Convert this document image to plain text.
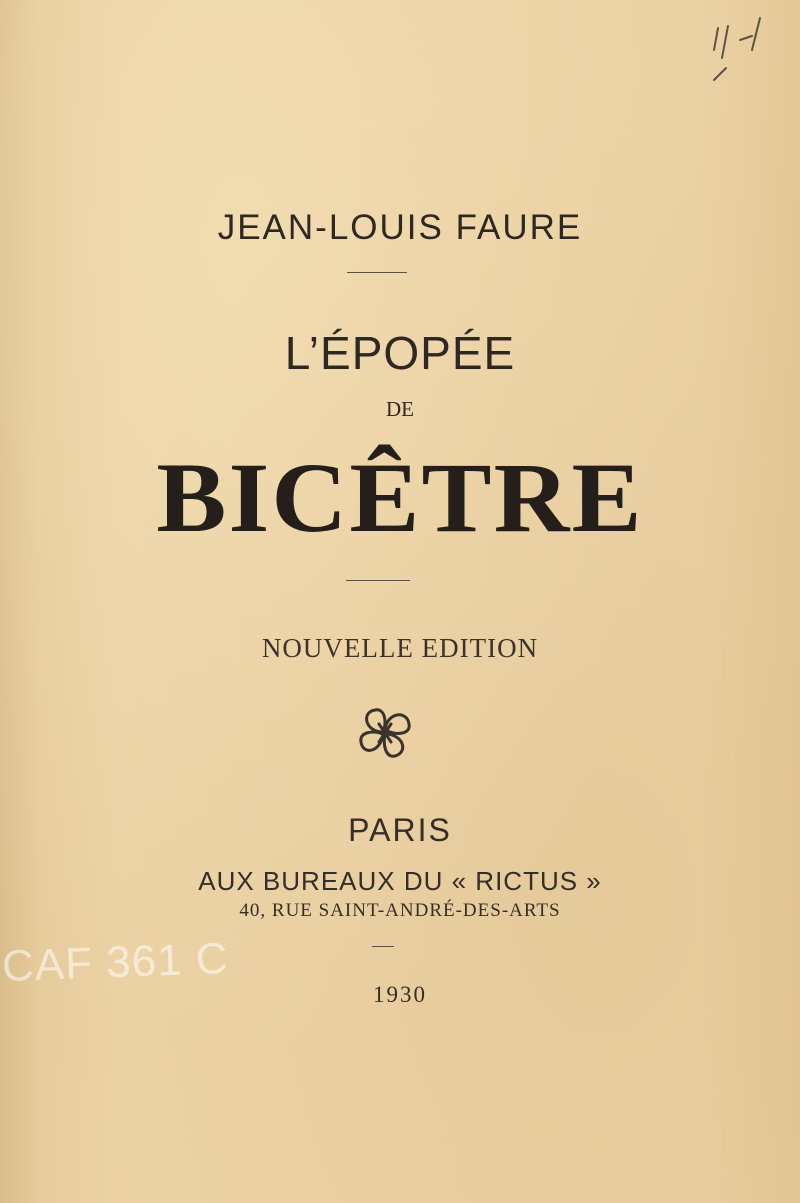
JEAN-LOUIS FAURE
L’ÉPOPÉE
DE
BICÊTRE
NOUVELLE EDITION
PARIS
AUX BUREAUX DU « RICTUS »
40, RUE SAINT-ANDRÉ-DES-ARTS
1930
CAF 361 C
